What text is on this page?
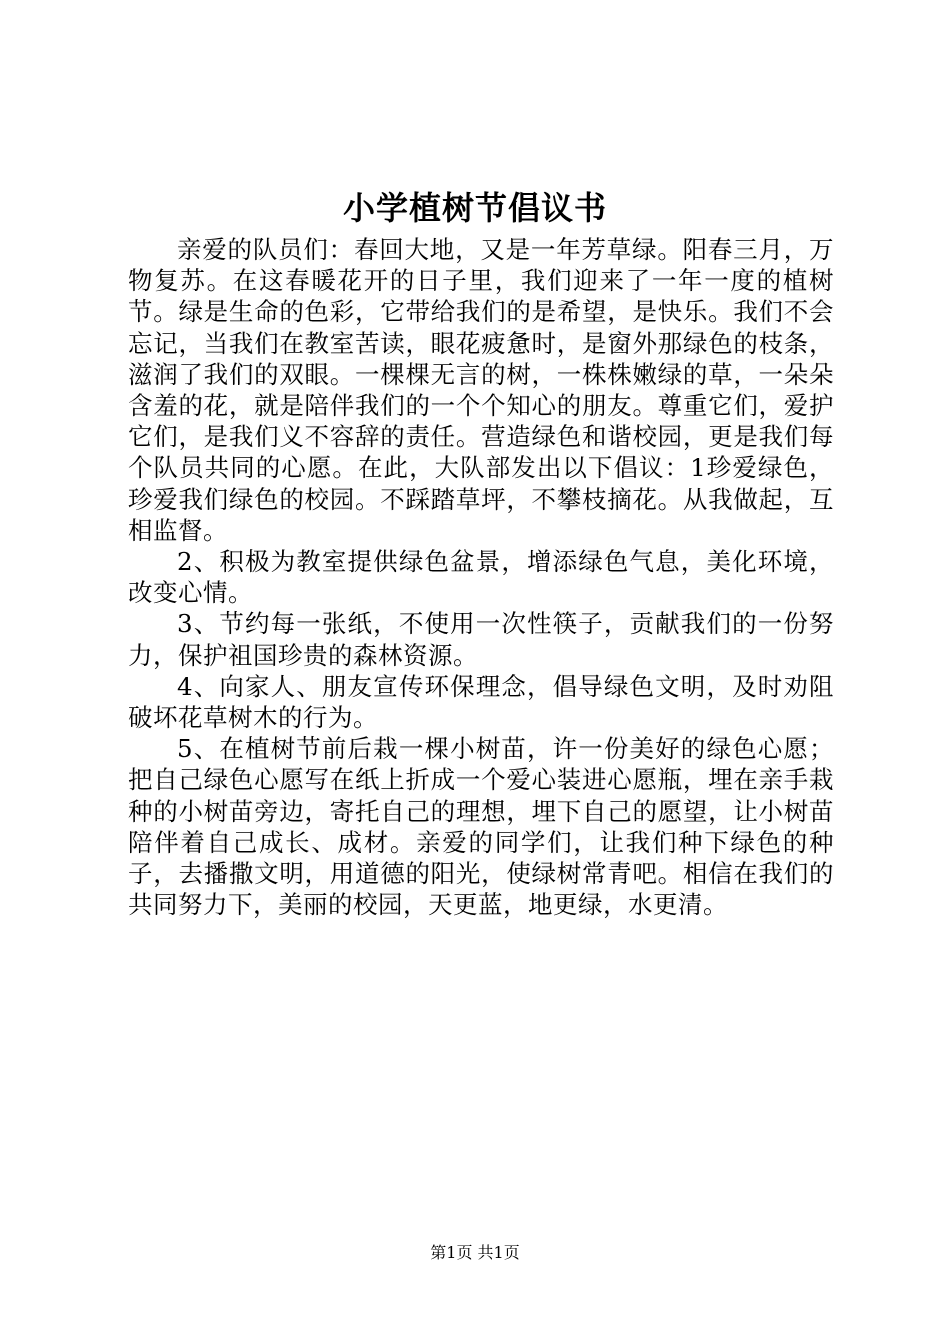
小学植树节倡议书

亲爱的队员们：春回大地，又是一年芳草绿。阳春三月，万物复苏。在这春暖花开的日子里，我们迎来了一年一度的植树节。绿是生命的色彩，它带给我们的是希望，是快乐。我们不会忘记，当我们在教室苦读，眼花疲惫时，是窗外那绿色的枝条，滋润了我们的双眼。一棵棵无言的树，一株株嫩绿的草，一朵朵含羞的花，就是陪伴我们的一个个知心的朋友。尊重它们，爱护它们，是我们义不容辞的责任。营造绿色和谐校园，更是我们每个队员共同的心愿。在此，大队部发出以下倡议：1珍爱绿色，珍爱我们绿色的校园。不踩踏草坪，不攀枝摘花。从我做起，互相监督。

2、积极为教室提供绿色盆景，增添绿色气息，美化环境，改变心情。

3、节约每一张纸，不使用一次性筷子，贡献我们的一份努力，保护祖国珍贵的森林资源。

4、向家人、朋友宣传环保理念，倡导绿色文明，及时劝阻破坏花草树木的行为。

5、在植树节前后栽一棵小树苗，许一份美好的绿色心愿；把自己绿色心愿写在纸上折成一个爱心装进心愿瓶，埋在亲手栽种的小树苗旁边，寄托自己的理想，埋下自己的愿望，让小树苗陪伴着自己成长、成材。亲爱的同学们，让我们种下绿色的种子，去播撒文明，用道德的阳光，使绿树常青吧。相信在我们的共同努力下，美丽的校园，天更蓝，地更绿，水更清。

第1页 共1页
